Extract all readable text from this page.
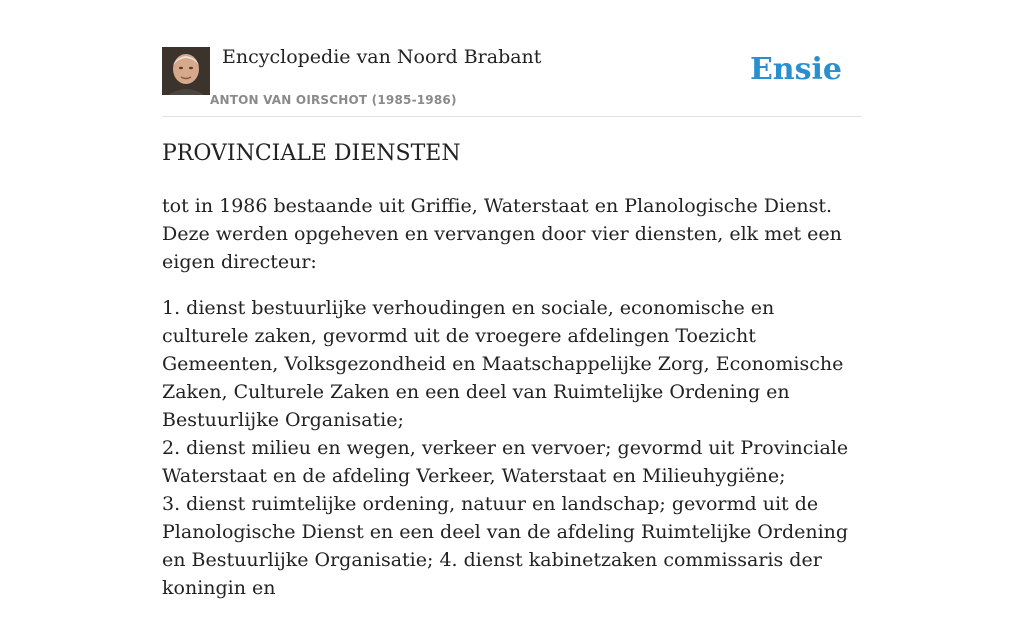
Encyclopedie van Noord Brabant
ANTON VAN OIRSCHOT (1985-1986)
Ensie
PROVINCIALE DIENSTEN

tot in 1986 bestaande uit Griffie, Waterstaat en Planologische Dienst. Deze werden opgeheven en vervangen door vier diensten, elk met een eigen directeur:

1. dienst bestuurlijke verhoudingen en sociale, economische en culturele zaken, gevormd uit de vroegere afdelingen Toezicht Gemeenten, Volksgezondheid en Maatschappelijke Zorg, Economische Zaken, Culturele Zaken en een deel van Ruimtelijke Ordening en Bestuurlijke Organisatie;
2. dienst milieu en wegen, verkeer en vervoer; gevormd uit Provinciale Waterstaat en de afdeling Verkeer, Waterstaat en Milieuhygiëne;
3. dienst ruimtelijke ordening, natuur en landschap; gevormd uit de Planologische Dienst en een deel van de afdeling Ruimtelijke Ordening en Bestuurlijke Organisatie; 4. dienst kabinetzaken commissaris der koningin en
